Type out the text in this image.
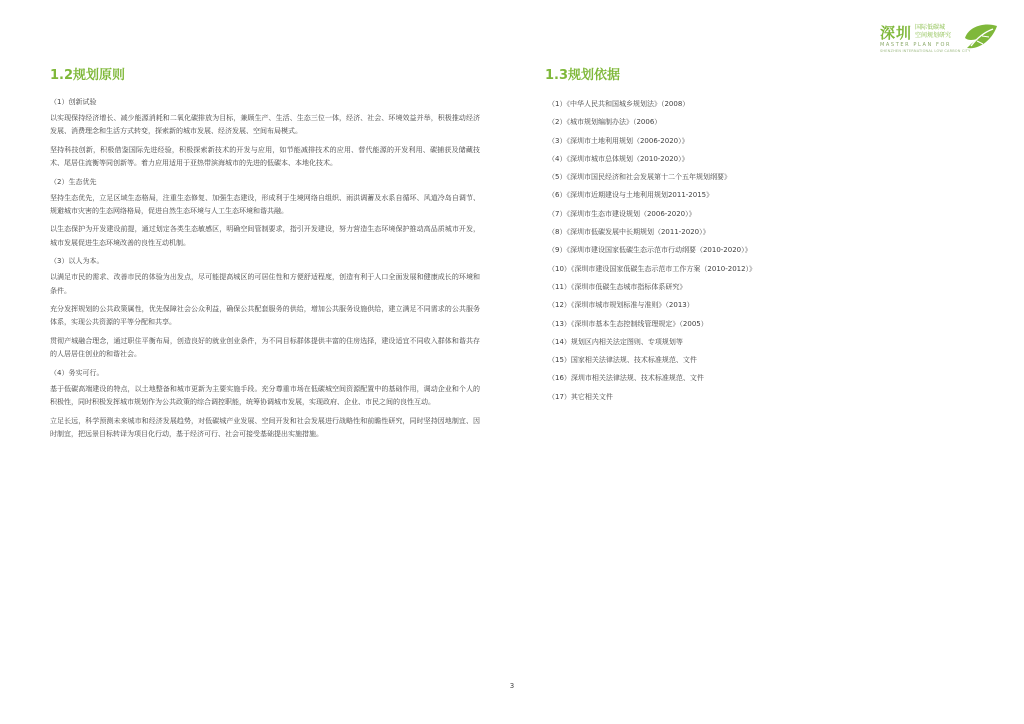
深圳 国际低碳城
空间规划研究
MASTER PLAN FOR
SHENZHEN INTERNATIONAL LOW CARBON CITY
1.2规划原则

（1）创新试验

以实现保持经济增长、减少能源消耗和二氧化碳排放为目标，兼顾生产、生活、生态三位一体，经济、社会、环境效益并举，积极推动经济发展、消费理念和生活方式转变，探索新的城市发展、经济发展、空间布局模式。

坚持科技创新，积极借鉴国际先进经验，积极探索新技术的开发与应用，如节能减排技术的应用、替代能源的开发利用、碳捕获及储藏技术、尾居住流衡等同创新等。着力应用适用于亚热带滨海城市的先进的低碳本、本地化技术。

（2）生态优先

坚持生态优先，立足区域生态格局，注重生态修复、加强生态建设，形成利于生境网络自组织、雨洪调蓄及水系自循环、风道冷岛自调节、规避城市灾害的生态网络格局，促进自然生态环境与人工生态环境和谐共融。

以生态保护为开发建设前提，通过划定各类生态敏感区，明确空间管制要求，指引开发建设，努力营造生态环境保护推动高品质城市开发，城市发展促进生态环境改善的良性互动机制。

（3）以人为本。

以满足市民的需求、改善市民的体验为出发点，尽可能提高城区的可居住性和方便舒适程度，创造有利于人口全面发展和健康成长的环境和条件。

充分发挥规划的公共政策属性，优先保障社会公众利益，确保公共配套服务的供给，增加公共服务设施供给，建立满足不同需求的公共服务体系，实现公共资源的平等分配和共享。

贯彻产城融合理念，通过职住平衡布局，创造良好的就业创业条件，为不同目标群体提供丰富的住房选择，建设适宜不同收入群体和谐共存的人居居住创业的和谐社会。

（4）务实可行。

基于低碳高端建设的特点，以土地整备和城市更新为主要实施手段。充分尊重市场在低碳城空间资源配置中的基础作用，调动企业和个人的积极性，同时积极发挥城市规划作为公共政策的综合调控职能，统筹协调城市发展，实现政府、企业、市民之间的良性互动。

立足长远，科学预测未来城市和经济发展趋势，对低碳城产业发展、空间开发和社会发展进行战略性和前瞻性研究，同时坚持因地制宜、因时制宜，把远景目标转译为项目化行动，基于经济可行、社会可接受基础提出实施措施。

1.3规划依据
（1）《中华人民共和国城乡规划法》（2008）
（2）《城市规划编制办法》（2006）
（3）《深圳市土地利用规划（2006-2020）》
（4）《深圳市城市总体规划（2010-2020）》
（5）《深圳市国民经济和社会发展第十二个五年规划纲要》
（6）《深圳市近期建设与土地利用规划2011-2015》
（7）《深圳市生态市建设规划（2006-2020）》
（8）《深圳市低碳发展中长期规划（2011-2020）》
（9）《深圳市建设国家低碳生态示范市行动纲要（2010-2020）》
（10）《深圳市建设国家低碳生态示范市工作方案（2010-2012）》
（11）《深圳市低碳生态城市指标体系研究》
（12）《深圳市城市规划标准与准则》（2013）
（13）《深圳市基本生态控制线管理规定》（2005）
（14）规划区内相关法定图则、专项规划等
（15）国家相关法律法规、技术标准规范、文件
（16）深圳市相关法律法规、技术标准规范、文件
（17）其它相关文件
3
